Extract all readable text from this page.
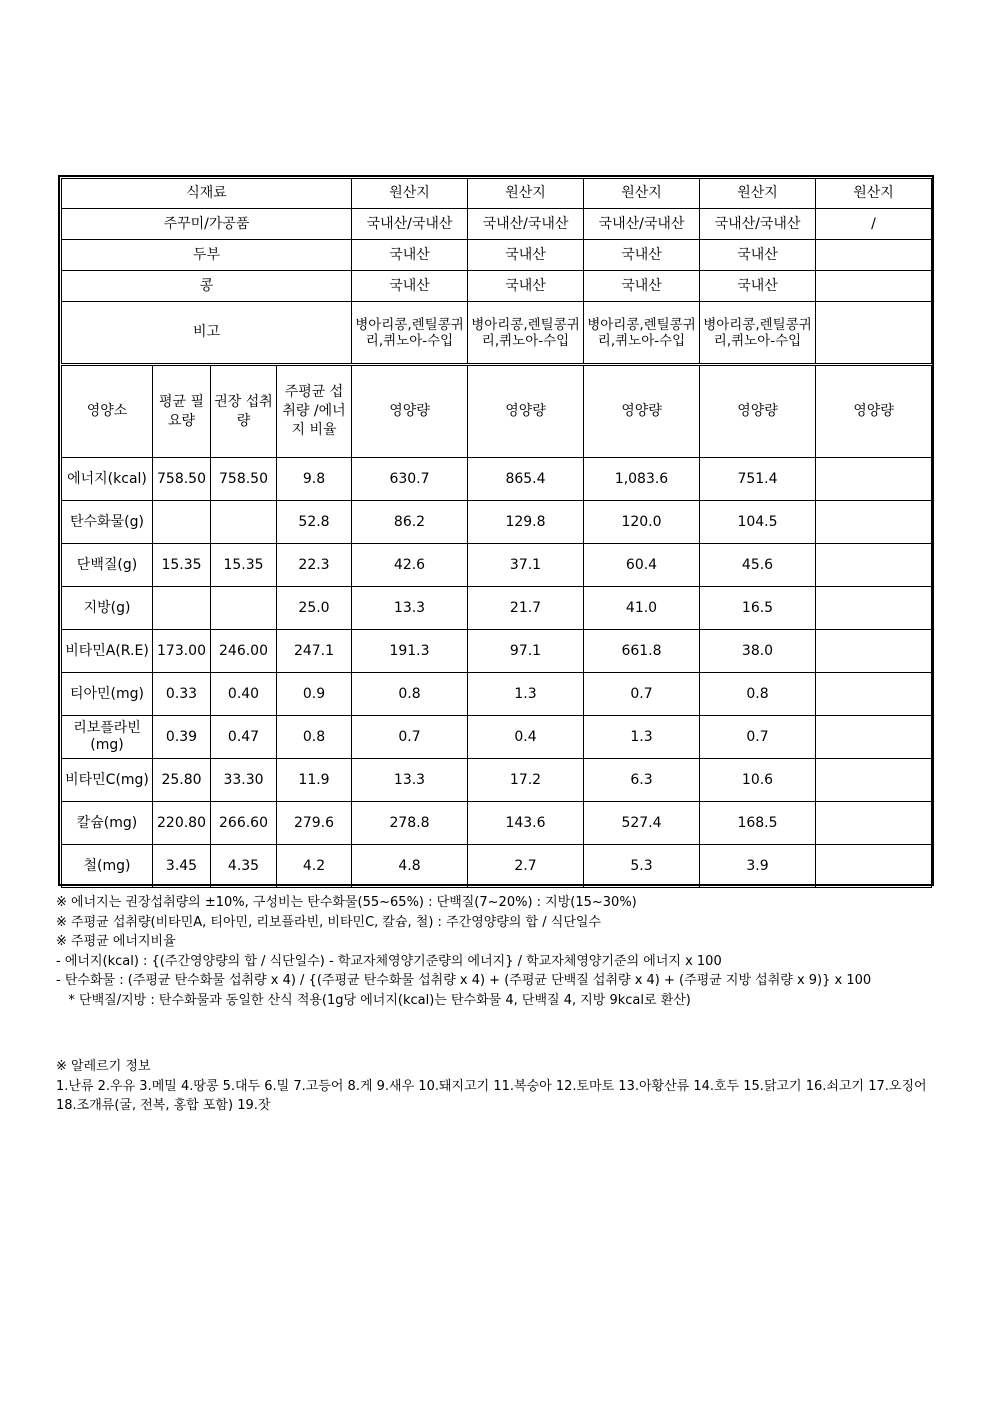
식재료	원산지	원산지	원산지	원산지	원산지
주꾸미/가공품	국내산/국내산	국내산/국내산	국내산/국내산	국내산/국내산	/
두부	국내산	국내산	국내산	국내산	
콩	국내산	국내산	국내산	국내산	
비고	병아리콩,렌틸콩귀리,퀴노아-수입	병아리콩,렌틸콩귀리,퀴노아-수입	병아리콩,렌틸콩귀리,퀴노아-수입	병아리콩,렌틸콩귀리,퀴노아-수입	
영양소	평균 필요량	권장 섭취량	주평균 섭취량 /에너지 비율	영양량	영양량	영양량	영양량	영양량
에너지(kcal)	758.50	758.50	9.8	630.7	865.4	1,083.6	751.4	
탄수화물(g)			52.8	86.2	129.8	120.0	104.5	
단백질(g)	15.35	15.35	22.3	42.6	37.1	60.4	45.6	
지방(g)			25.0	13.3	21.7	41.0	16.5	
비타민A(R.E)	173.00	246.00	247.1	191.3	97.1	661.8	38.0	
티아민(mg)	0.33	0.40	0.9	0.8	1.3	0.7	0.8	
리보플라빈(mg)	0.39	0.47	0.8	0.7	0.4	1.3	0.7	
비타민C(mg)	25.80	33.30	11.9	13.3	17.2	6.3	10.6	
칼슘(mg)	220.80	266.60	279.6	278.8	143.6	527.4	168.5	
철(mg)	3.45	4.35	4.2	4.8	2.7	5.3	3.9	
※ 에너지는 권장섭취량의 ±10%, 구성비는 탄수화물(55~65%) : 단백질(7~20%) : 지방(15~30%)
※ 주평균 섭취량(비타민A, 티아민, 리보플라빈, 비타민C, 칼슘, 철) : 주간영양량의 합 / 식단일수
※ 주평균 에너지비율
- 에너지(kcal) : {(주간영양량의 합 / 식단일수) - 학교자체영양기준량의 에너지} / 학교자체영양기준의 에너지 x 100
- 탄수화물 : (주평균 탄수화물 섭취량 x 4) / {(주평균 탄수화물 섭취량 x 4) + (주평균 단백질 섭취량 x 4) + (주평균 지방 섭취량 x 9)} x 100
* 단백질/지방 : 탄수화물과 동일한 산식 적용(1g당 에너지(kcal)는 탄수화물 4, 단백질 4, 지방 9kcal로 환산)
※ 알레르기 정보
1.난류 2.우유 3.메밀 4.땅콩 5.대두 6.밀 7.고등어 8.게 9.새우 10.돼지고기 11.복숭아 12.토마토 13.아황산류 14.호두 15.닭고기 16.쇠고기 17.오징어 18.조개류(굴, 전복, 홍합 포함) 19.잣
